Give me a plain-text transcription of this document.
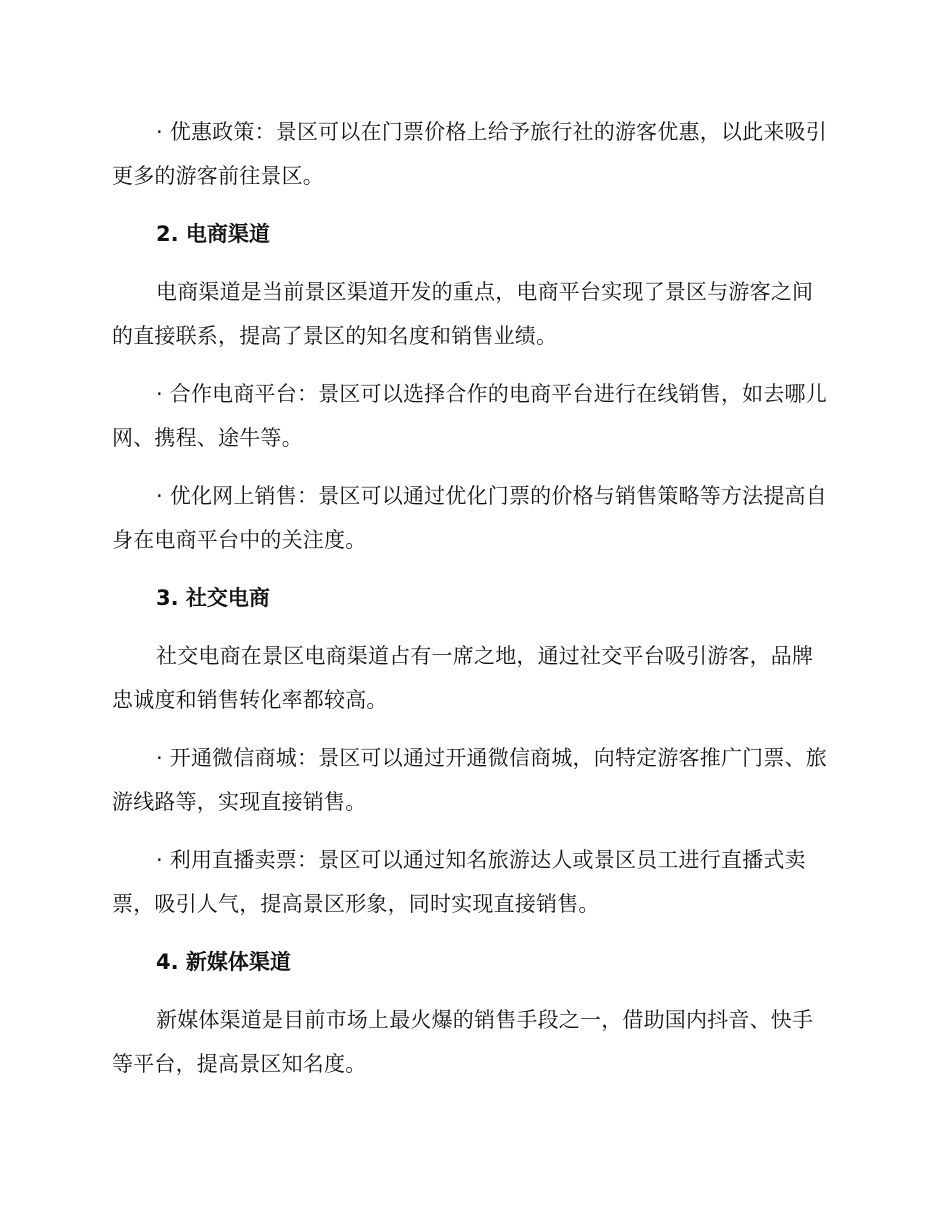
· 优惠政策：景区可以在门票价格上给予旅行社的游客优惠，以此来吸引更多的游客前往景区。

2. 电商渠道

电商渠道是当前景区渠道开发的重点，电商平台实现了景区与游客之间的直接联系，提高了景区的知名度和销售业绩。

· 合作电商平台：景区可以选择合作的电商平台进行在线销售，如去哪儿网、携程、途牛等。

· 优化网上销售：景区可以通过优化门票的价格与销售策略等方法提高自身在电商平台中的关注度。

3. 社交电商

社交电商在景区电商渠道占有一席之地，通过社交平台吸引游客，品牌忠诚度和销售转化率都较高。

· 开通微信商城：景区可以通过开通微信商城，向特定游客推广门票、旅游线路等，实现直接销售。

· 利用直播卖票：景区可以通过知名旅游达人或景区员工进行直播式卖票，吸引人气，提高景区形象，同时实现直接销售。

4. 新媒体渠道

新媒体渠道是目前市场上最火爆的销售手段之一，借助国内抖音、快手等平台，提高景区知名度。
